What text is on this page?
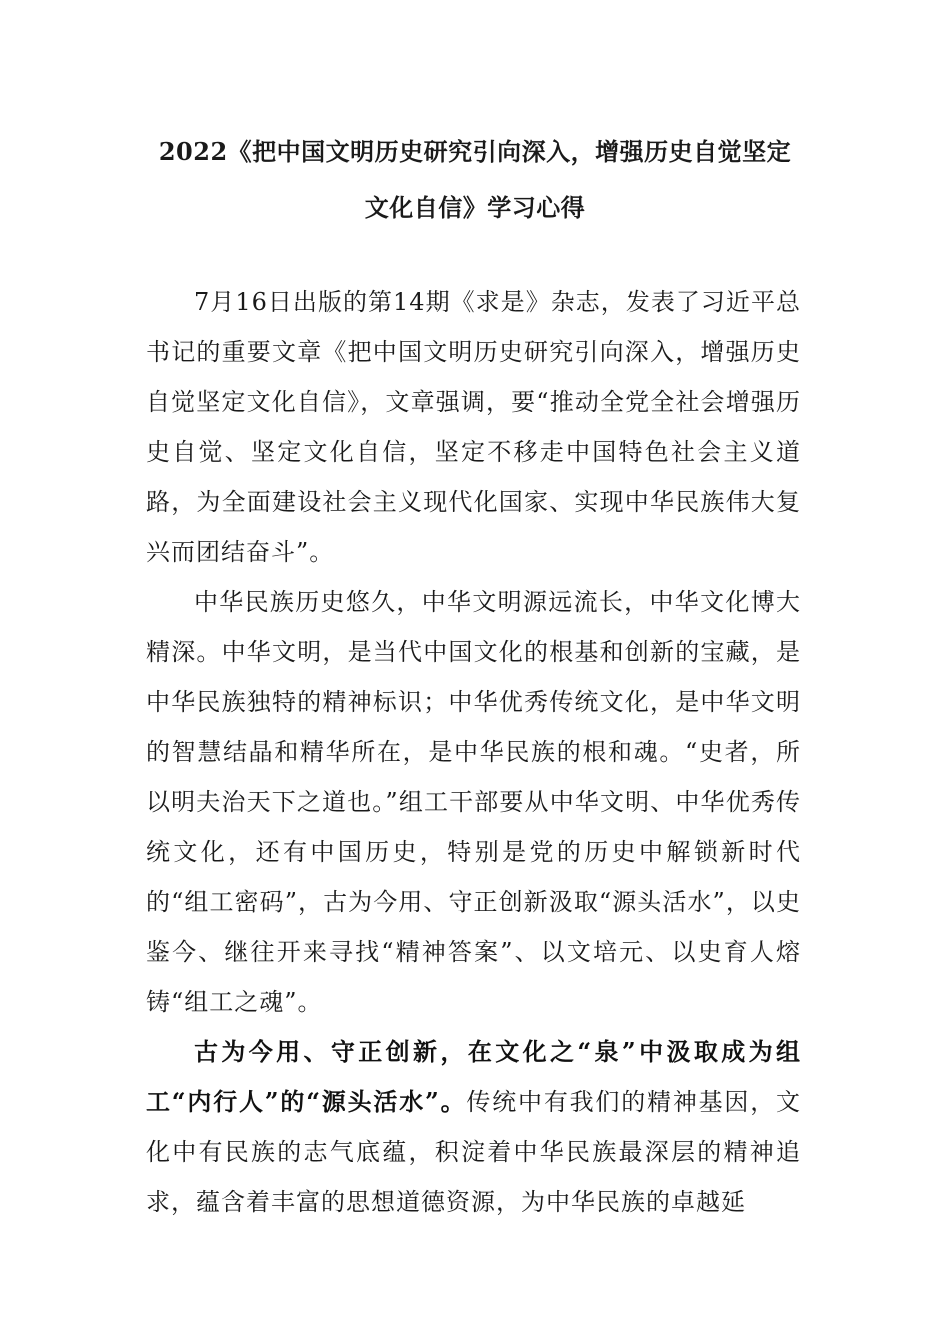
2022《把中国文明历史研究引向深入，增强历史自觉坚定
文化自信》学习心得

7月16日出版的第14期《求是》杂志，发表了习近平总书记的重要文章《把中国文明历史研究引向深入，增强历史自觉坚定文化自信》，文章强调，要“推动全党全社会增强历史自觉、坚定文化自信，坚定不移走中国特色社会主义道路，为全面建设社会主义现代化国家、实现中华民族伟大复兴而团结奋斗”。

中华民族历史悠久，中华文明源远流长，中华文化博大精深。中华文明，是当代中国文化的根基和创新的宝藏，是中华民族独特的精神标识；中华优秀传统文化，是中华文明的智慧结晶和精华所在，是中华民族的根和魂。“史者，所以明夫治天下之道也。”组工干部要从中华文明、中华优秀传统文化，还有中国历史，特别是党的历史中解锁新时代的“组工密码”，古为今用、守正创新汲取“源头活水”，以史鉴今、继往开来寻找“精神答案”、以文培元、以史育人熔铸“组工之魂”。

古为今用、守正创新，在文化之“泉”中汲取成为组工“内行人”的“源头活水”。传统中有我们的精神基因，文化中有民族的志气底蕴，积淀着中华民族最深层的精神追求，蕴含着丰富的思想道德资源，为中华民族的卓越延
